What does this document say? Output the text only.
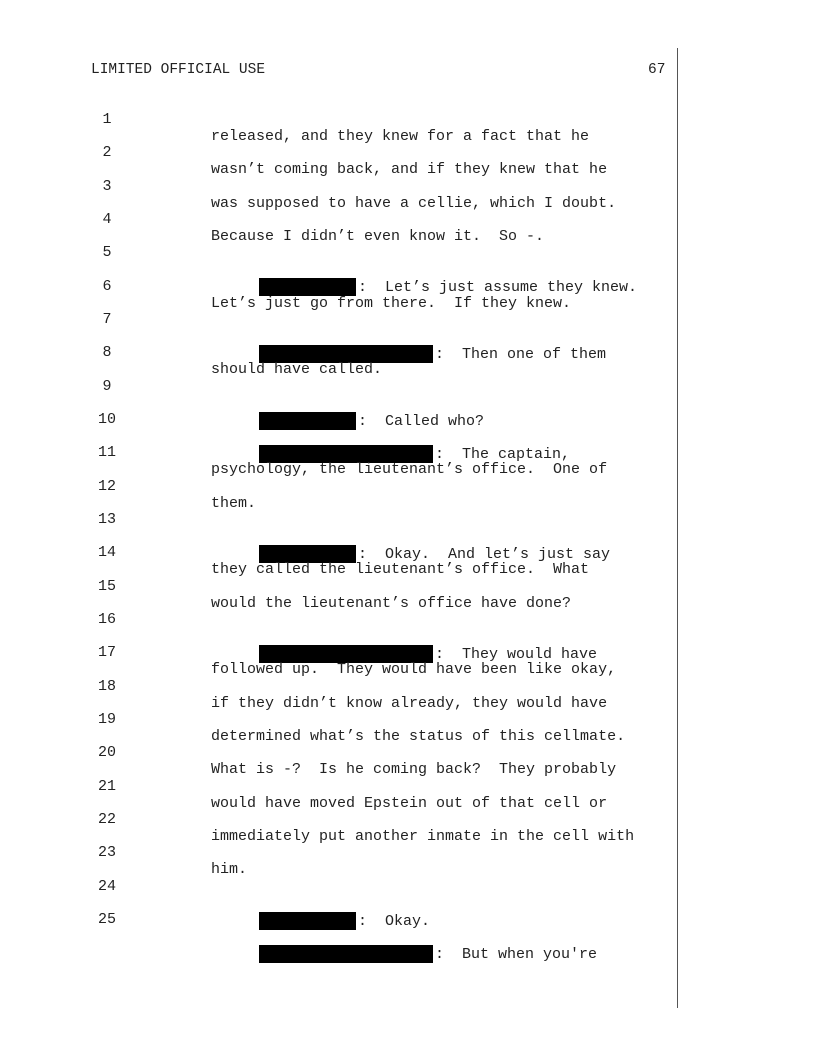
LIMITED OFFICIAL USE	67

1

released, and they knew for a fact that he

2

wasn’t coming back, and if they knew that he

3

was supposed to have a cellie, which I doubt.

4

Because I didn’t even know it.  So -.

5

:  Let’s just assume they knew.

6

Let’s just go from there.  If they knew.

7

:  Then one of them

8

should have called.

9

:  Called who?

10

:  The captain,

11

psychology, the lieutenant’s office.  One of

12

them.

13

:  Okay.  And let’s just say

14

they called the lieutenant’s office.  What

15

would the lieutenant’s office have done?

16

:  They would have

17

followed up.  They would have been like okay,

18

if they didn’t know already, they would have

19

determined what’s the status of this cellmate.

20

What is -?  Is he coming back?  They probably

21

would have moved Epstein out of that cell or

22

immediately put another inmate in the cell with

23

him.

24

:  Okay.

25

:  But when you're
